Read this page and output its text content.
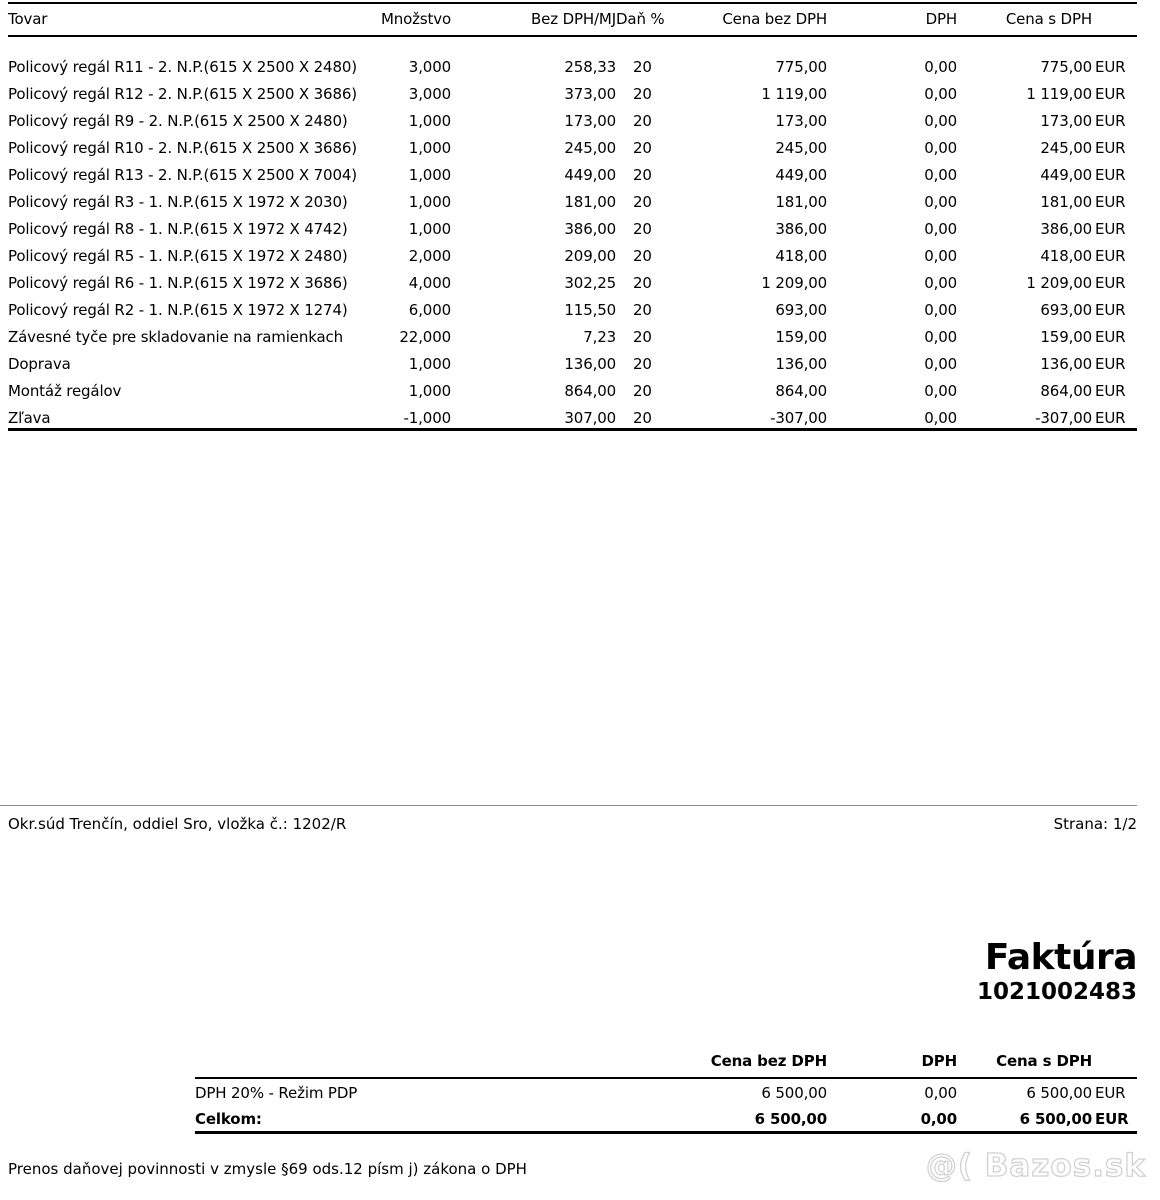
Tovar	Množstvo	Bez DPH/MJ	Daň %	Cena bez DPH	DPH	Cena s DPH	

Policový regál R11 - 2. N.P.(615 X 2500 X 2480)	3,000	258,33	20	775,00	0,00	775,00	EUR
Policový regál R12 - 2. N.P.(615 X 2500 X 3686)	3,000	373,00	20	1 119,00	0,00	1 119,00	EUR
Policový regál R9 - 2. N.P.(615 X 2500 X 2480)	1,000	173,00	20	173,00	0,00	173,00	EUR
Policový regál R10 - 2. N.P.(615 X 2500 X 3686)	1,000	245,00	20	245,00	0,00	245,00	EUR
Policový regál R13 - 2. N.P.(615 X 2500 X 7004)	1,000	449,00	20	449,00	0,00	449,00	EUR
Policový regál R3 - 1. N.P.(615 X 1972 X 2030)	1,000	181,00	20	181,00	0,00	181,00	EUR
Policový regál R8 - 1. N.P.(615 X 1972 X 4742)	1,000	386,00	20	386,00	0,00	386,00	EUR
Policový regál R5 - 1. N.P.(615 X 1972 X 2480)	2,000	209,00	20	418,00	0,00	418,00	EUR
Policový regál R6 - 1. N.P.(615 X 1972 X 3686)	4,000	302,25	20	1 209,00	0,00	1 209,00	EUR
Policový regál R2 - 1. N.P.(615 X 1972 X 1274)	6,000	115,50	20	693,00	0,00	693,00	EUR
Závesné tyče pre skladovanie na ramienkach	22,000	7,23	20	159,00	0,00	159,00	EUR
Doprava	1,000	136,00	20	136,00	0,00	136,00	EUR
Montáž regálov	1,000	864,00	20	864,00	0,00	864,00	EUR
Zľava	-1,000	307,00	20	-307,00	0,00	-307,00	EUR
Okr.súd Trenčín, oddiel Sro, vložka č.: 1202/R	Strana: 1/2
Faktúra
1021002483
	Cena bez DPH	DPH	Cena s DPH	
DPH 20% - Režim PDP	6 500,00	0,00	6 500,00	EUR
Celkom:	6 500,00	0,00	6 500,00	EUR
Prenos daňovej povinnosti v zmysle §69 ods.12 písm j) zákona o DPH	@( Bazos.sk
